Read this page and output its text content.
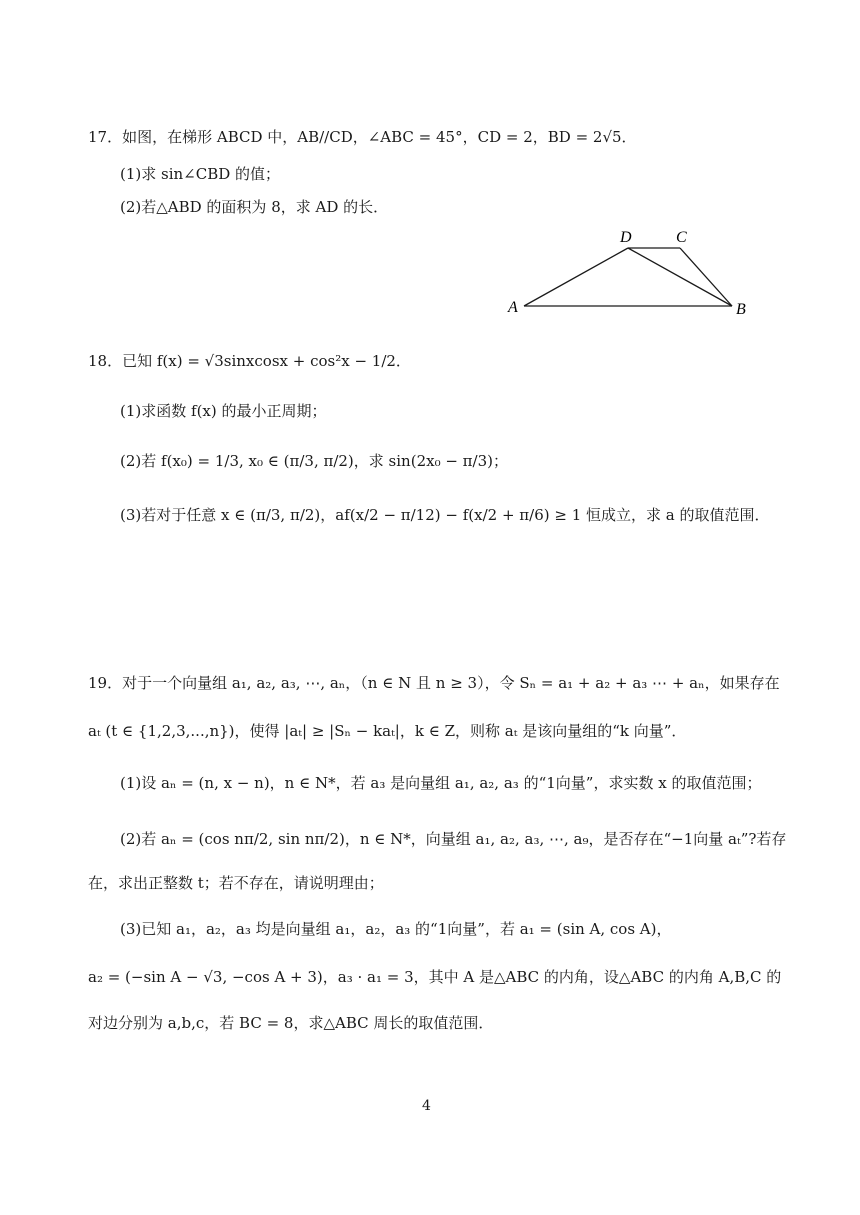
17．如图，在梯形 ABCD 中，AB//CD，∠ABC = 45°，CD = 2，BD = 2√5．
(1)求 sin∠CBD 的值；
(2)若△ABD 的面积为 8，求 AD 的长．
A	B
C
D
18．已知 f(x) = √3sinxcosx + cos²x − 1/2．
(1)求函数 f(x) 的最小正周期；
(2)若 f(x₀) = 1/3, x₀ ∈ (π/3, π/2)，求 sin(2x₀ − π/3)；
(3)若对于任意 x ∈ (π/3, π/2)，af(x/2 − π/12) − f(x/2 + π/6) ≥ 1 恒成立，求 a 的取值范围．
19．对于一个向量组 a₁, a₂, a₃, ⋯, aₙ，（n ∈ N 且 n ≥ 3），令 Sₙ = a₁ + a₂ + a₃ ⋯ + aₙ，如果存在
aₜ (t ∈ {1,2,3,...,n})，使得 |aₜ| ≥ |Sₙ − kaₜ|，k ∈ Z，则称 aₜ 是该向量组的“k 向量”．
(1)设 aₙ = (n, x − n)，n ∈ N*，若 a₃ 是向量组 a₁, a₂, a₃ 的“1向量”，求实数 x 的取值范围；
(2)若 aₙ = (cos nπ/2, sin nπ/2)，n ∈ N*，向量组 a₁, a₂, a₃, ⋯, a₉，是否存在“−1向量 aₜ”?若存
在，求出正整数 t；若不存在，请说明理由；
(3)已知 a₁，a₂，a₃ 均是向量组 a₁，a₂，a₃ 的“1向量”，若 a₁ = (sin A, cos A)，
a₂ = (−sin A − √3, −cos A + 3)，a₃ · a₁ = 3，其中 A 是△ABC 的内角，设△ABC 的内角 A,B,C 的
对边分别为 a,b,c，若 BC = 8，求△ABC 周长的取值范围．
4
